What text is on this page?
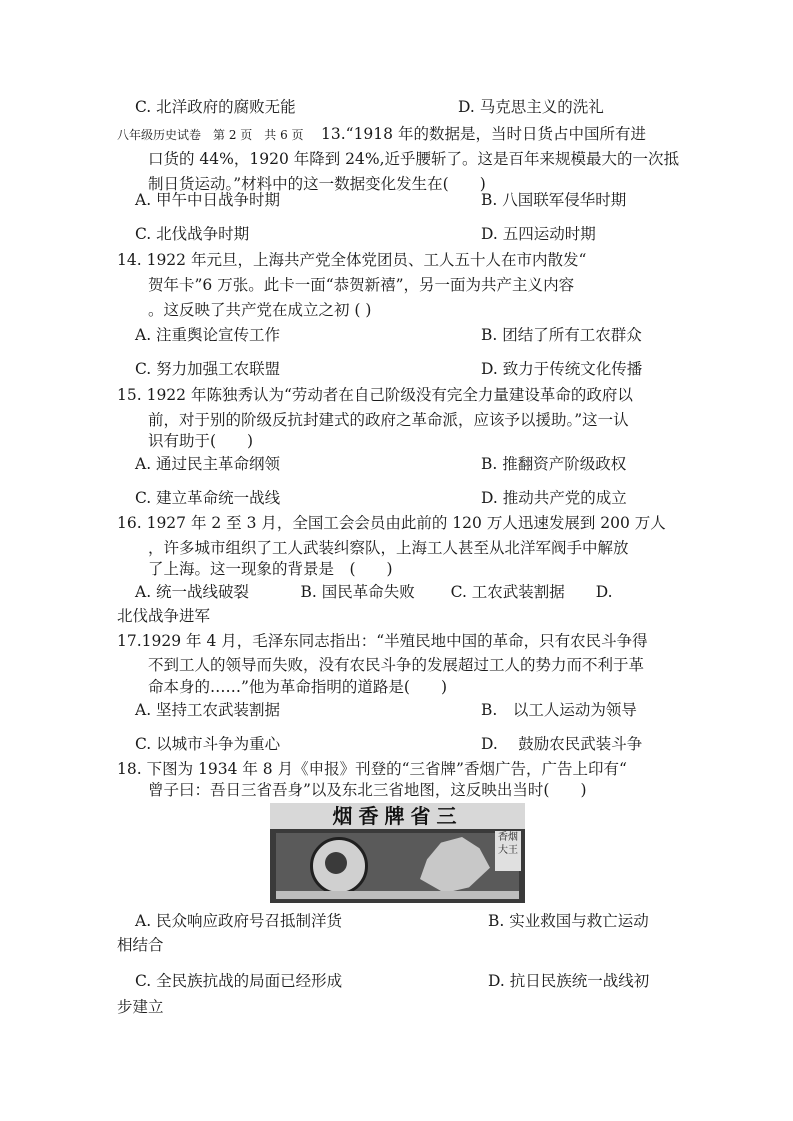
C. 北洋政府的腐败无能	D. 马克思主义的洗礼
八年级历史试卷　第 2 页　共 6 页 13.“1918 年的数据是，当时日货占中国所有进
口货的 44%，1920 年降到 24%,近乎腰斩了。这是百年来规模最大的一次抵
制日货运动。”材料中的这一数据变化发生在(　　)
A. 甲午中日战争时期	B. 八国联军侵华时期
C. 北伐战争时期	D. 五四运动时期
14. 1922 年元旦，上海共产党全体党团员、工人五十人在市内散发“
贺年卡”6 万张。此卡一面“恭贺新禧”，另一面为共产主义内容
。这反映了共产党在成立之初 ( )
A. 注重舆论宣传工作	B. 团结了所有工农群众
C. 努力加强工农联盟	D. 致力于传统文化传播
15. 1922 年陈独秀认为“劳动者在自己阶级没有完全力量建设革命的政府以
前，对于别的阶级反抗封建式的政府之革命派，应该予以援助。”这一认
识有助于(　　)
A. 通过民主革命纲领	B. 推翻资产阶级政权
C. 建立革命统一战线	D. 推动共产党的成立
16. 1927 年 2 至 3 月，全国工会会员由此前的 120 万人迅速发展到 200 万人
，许多城市组织了工人武装纠察队，上海工人甚至从北洋军阀手中解放
了上海。这一现象的背景是　(　　)
A. 统一战线破裂　　　 B. 国民革命失败　　 C. 工农武装割据　　D.
北伐战争进军
17.1929 年 4 月，毛泽东同志指出：“半殖民地中国的革命，只有农民斗争得
不到工人的领导而失败，没有农民斗争的发展超过工人的势力而不利于革
命本身的……”他为革命指明的道路是(　　)
A. 坚持工农武装割据	B.　以工人运动为领导
C. 以城市斗争为重心	D.　 鼓励农民武装斗争
18. 下图为 1934 年 8 月《申报》刊登的“三省牌”香烟广告，广告上印有“
曾子曰：吾日三省吾身”以及东北三省地图，这反映出当时(　　)
烟香牌省三
香烟大王
A. 民众响应政府号召抵制洋货	B. 实业救国与救亡运动
相结合
C. 全民族抗战的局面已经形成	D. 抗日民族统一战线初
步建立
